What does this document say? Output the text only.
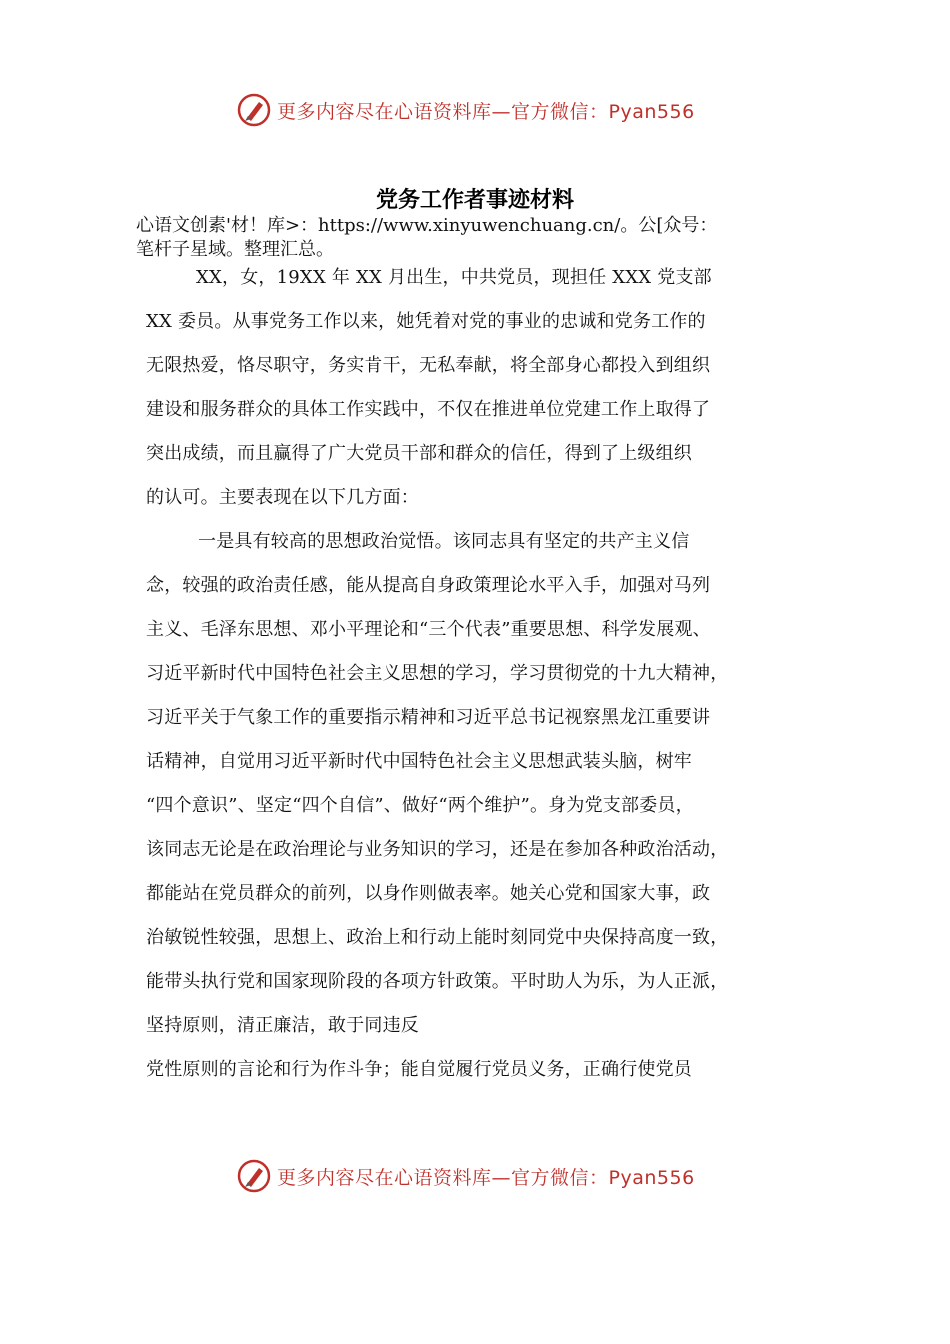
更多内容尽在心语资料库—官方微信：Pyan556
党务工作者事迹材料
心语文创素'材！库>：https://www.xinyuwenchuang.cn/。公[众号：
笔杆子星域。整理汇总。
XX，女，19XX 年 XX 月出生，中共党员，现担任 XXX 党支部
XX 委员。从事党务工作以来，她凭着对党的事业的忠诚和党务工作的
无限热爱，恪尽职守，务实肯干，无私奉献，将全部身心都投入到组织
建设和服务群众的具体工作实践中，不仅在推进单位党建工作上取得了
突出成绩，而且赢得了广大党员干部和群众的信任，得到了上级组织
的认可。主要表现在以下几方面：
一是具有较高的思想政治觉悟。该同志具有坚定的共产主义信
念，较强的政治责任感，能从提高自身政策理论水平入手，加强对马列
主义、毛泽东思想、邓小平理论和“三个代表”重要思想、科学发展观、
习近平新时代中国特色社会主义思想的学习，学习贯彻党的十九大精神，
习近平关于气象工作的重要指示精神和习近平总书记视察黑龙江重要讲
话精神，自觉用习近平新时代中国特色社会主义思想武装头脑，树牢
“四个意识”、坚定“四个自信”、做好“两个维护”。身为党支部委员，
该同志无论是在政治理论与业务知识的学习，还是在参加各种政治活动，
都能站在党员群众的前列，以身作则做表率。她关心党和国家大事，政
治敏锐性较强，思想上、政治上和行动上能时刻同党中央保持高度一致，
能带头执行党和国家现阶段的各项方针政策。平时助人为乐，为人正派，
坚持原则，清正廉洁，敢于同违反
党性原则的言论和行为作斗争；能自觉履行党员义务，正确行使党员
更多内容尽在心语资料库—官方微信：Pyan556
